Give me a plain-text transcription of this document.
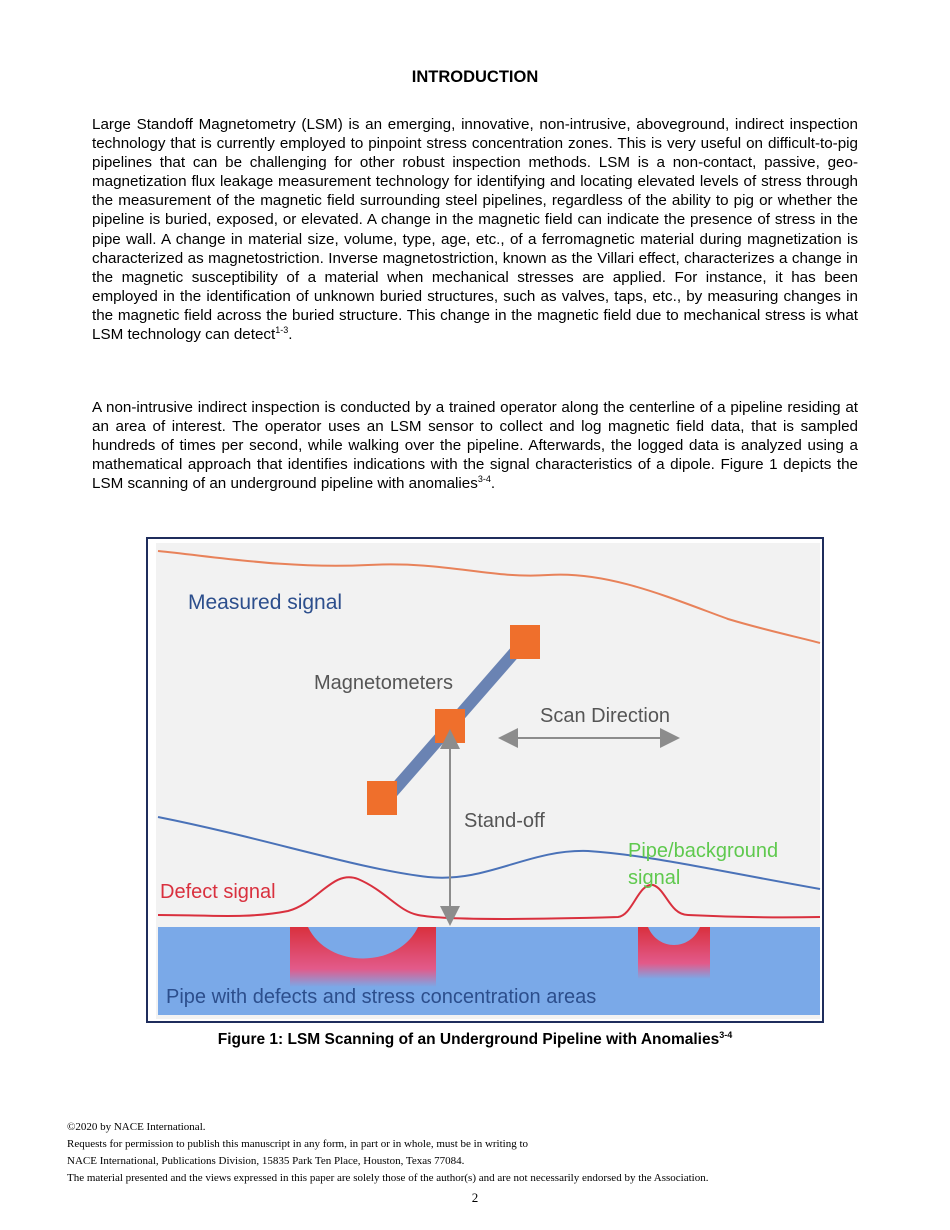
INTRODUCTION

Large Standoff Magnetometry (LSM) is an emerging, innovative, non-intrusive, aboveground, indirect inspection technology that is currently employed to pinpoint stress concentration zones. This is very useful on difficult-to-pig pipelines that can be challenging for other robust inspection methods. LSM is a non-contact, passive, geo-magnetization flux leakage measurement technology for identifying and locating elevated levels of stress through the measurement of the magnetic field surrounding steel pipelines, regardless of the ability to pig or whether the pipeline is buried, exposed, or elevated. A change in the magnetic field can indicate the presence of stress in the pipe wall. A change in material size, volume, type, age, etc., of a ferromagnetic material during magnetization is characterized as magnetostriction. Inverse magnetostriction, known as the Villari effect, characterizes a change in the magnetic susceptibility of a material when mechanical stresses are applied. For instance, it has been employed in the identification of unknown buried structures, such as valves, taps, etc., by measuring changes in the magnetic field across the buried structure. This change in the magnetic field due to mechanical stress is what LSM technology can detect$^{1-3}$.

A non-intrusive indirect inspection is conducted by a trained operator along the centerline of a pipeline residing at an area of interest. The operator uses an LSM sensor to collect and log magnetic field data, that is sampled hundreds of times per second, while walking over the pipeline. Afterwards, the logged data is analyzed using a mathematical approach that identifies indications with the signal characteristics of a dipole. Figure 1 depicts the LSM scanning of an underground pipeline with anomalies$^{3-4}$.

Measured signal
Magnetometers
Scan Direction
Stand-off
Pipe/background
signal
Defect signal
Pipe with defects and stress concentration areas
Figure 1: LSM Scanning of an Underground Pipeline with Anomalies$^{3-4}$
©2020 by NACE International.
Requests for permission to publish this manuscript in any form, in part or in whole, must be in writing to
NACE International, Publications Division, 15835 Park Ten Place, Houston, Texas 77084.
The material presented and the views expressed in this paper are solely those of the author(s) and are not necessarily endorsed by the Association.
2
